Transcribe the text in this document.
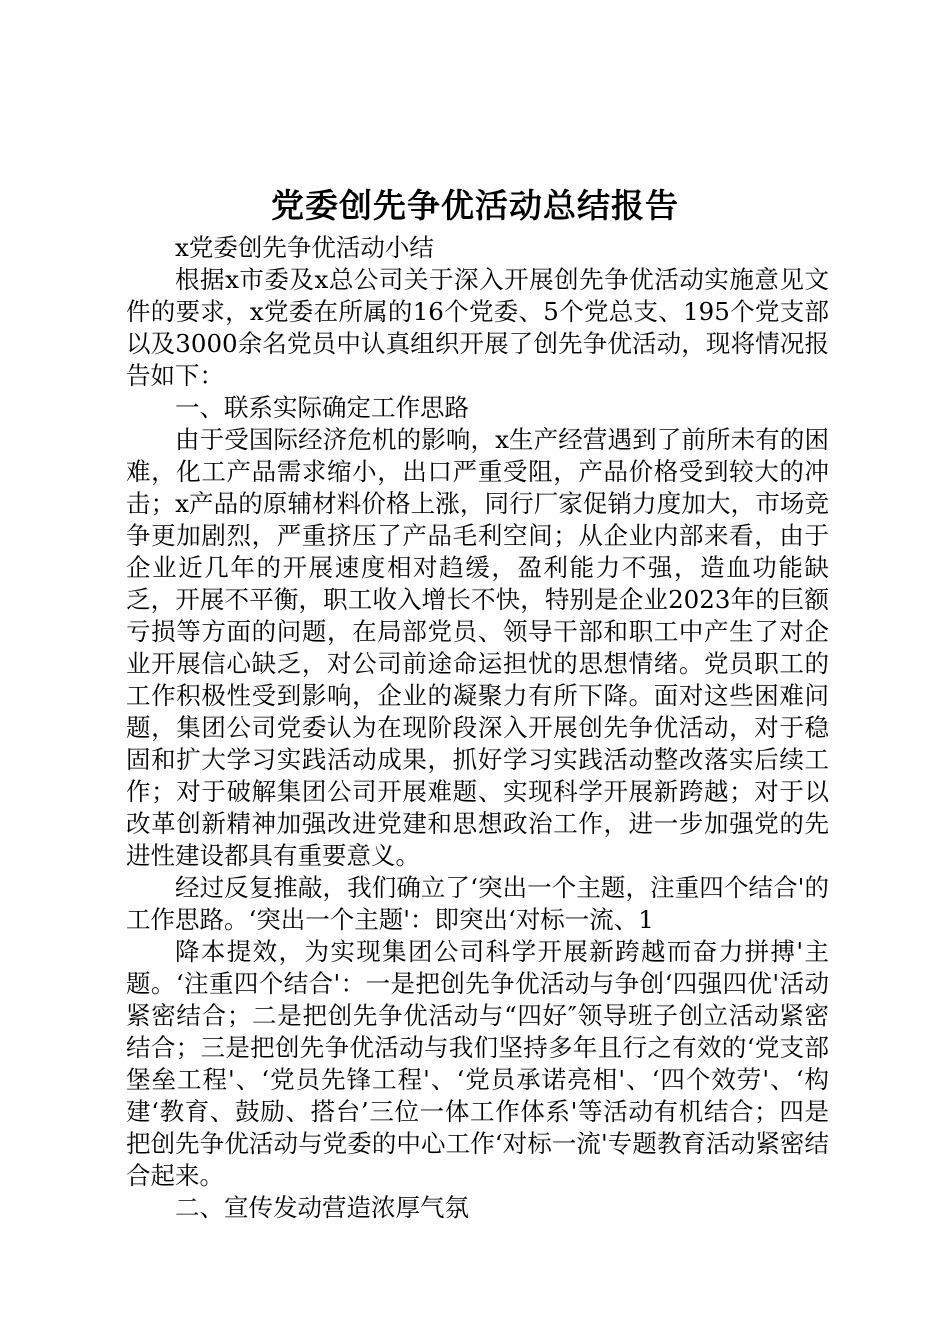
党委创先争优活动总结报告

x党委创先争优活动小结

根据x市委及x总公司关于深入开展创先争优活动实施意见文件的要求，x党委在所属的16个党委、5个党总支、195个党支部以及3000余名党员中认真组织开展了创先争优活动，现将情况报告如下：

一、联系实际确定工作思路

由于受国际经济危机的影响，x生产经营遇到了前所未有的困难，化工产品需求缩小，出口严重受阻，产品价格受到较大的冲击；x产品的原辅材料价格上涨，同行厂家促销力度加大，市场竞争更加剧烈，严重挤压了产品毛利空间；从企业内部来看，由于企业近几年的开展速度相对趋缓，盈利能力不强，造血功能缺乏，开展不平衡，职工收入增长不快，特别是企业2023年的巨额亏损等方面的问题，在局部党员、领导干部和职工中产生了对企业开展信心缺乏，对公司前途命运担忧的思想情绪。党员职工的工作积极性受到影响，企业的凝聚力有所下降。面对这些困难问题，集团公司党委认为在现阶段深入开展创先争优活动，对于稳固和扩大学习实践活动成果，抓好学习实践活动整改落实后续工作；对于破解集团公司开展难题、实现科学开展新跨越；对于以改革创新精神加强改进党建和思想政治工作，进一步加强党的先进性建设都具有重要意义。

经过反复推敲，我们确立了‘突出一个主题，注重四个结合'的工作思路。‘突出一个主题'：即突出‘对标一流、1

降本提效，为实现集团公司科学开展新跨越而奋力拼搏'主题。‘注重四个结合'：一是把创先争优活动与争创‘四强四优'活动紧密结合；二是把创先争优活动与“四好″领导班子创立活动紧密结合；三是把创先争优活动与我们坚持多年且行之有效的‘党支部堡垒工程'、‘党员先锋工程'、‘党员承诺亮相'、‘四个效劳'、‘构建‘教育、鼓励、搭台’三位一体工作体系'等活动有机结合；四是把创先争优活动与党委的中心工作‘对标一流'专题教育活动紧密结合起来。

二、宣传发动营造浓厚气氛
